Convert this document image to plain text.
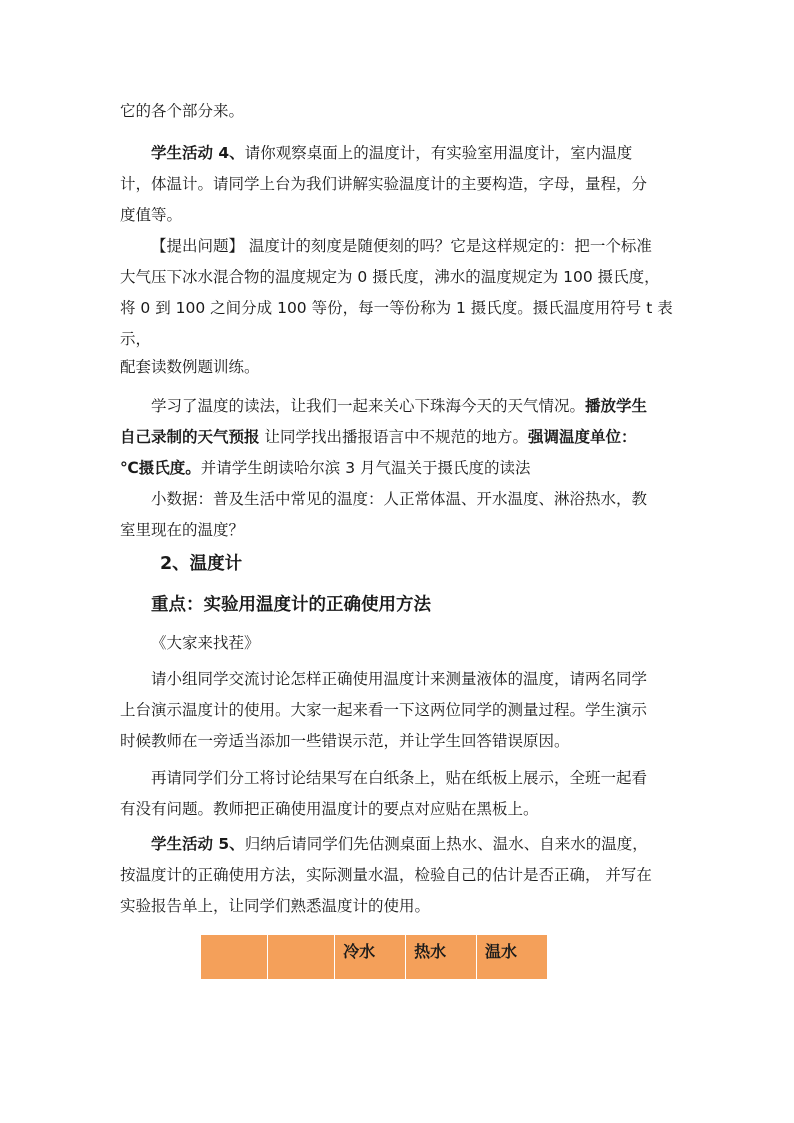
它的各个部分来。

学生活动 4、请你观察桌面上的温度计，有实验室用温度计，室内温度
计，体温计。请同学上台为我们讲解实验温度计的主要构造，字母，量程，分
度值等。

【提出问题】 温度计的刻度是随便刻的吗？它是这样规定的：把一个标准
大气压下冰水混合物的温度规定为 0 摄氏度，沸水的温度规定为 100 摄氏度，
将 0 到 100 之间分成 100 等份，每一等份称为 1 摄氏度。摄氏温度用符号 t 表
示，

配套读数例题训练。

学习了温度的读法，让我们一起来关心下珠海今天的天气情况。播放学生
自己录制的天气预报 让同学找出播报语言中不规范的地方。强调温度单位：
℃摄氏度。并请学生朗读哈尔滨 3 月气温关于摄氏度的读法

小数据：普及生活中常见的温度：人正常体温、开水温度、淋浴热水，教
室里现在的温度？

2、温度计
重点：实验用温度计的正确使用方法

《大家来找茬》

请小组同学交流讨论怎样正确使用温度计来测量液体的温度，请两名同学
上台演示温度计的使用。大家一起来看一下这两位同学的测量过程。学生演示
时候教师在一旁适当添加一些错误示范，并让学生回答错误原因。

再请同学们分工将讨论结果写在白纸条上，贴在纸板上展示，全班一起看
有没有问题。教师把正确使用温度计的要点对应贴在黑板上。

学生活动 5、归纳后请同学们先估测桌面上热水、温水、自来水的温度，
按温度计的正确使用方法，实际测量水温，检验自己的估计是否正确， 并写在
实验报告单上，让同学们熟悉温度计的使用。

		冷水	热水	温水
